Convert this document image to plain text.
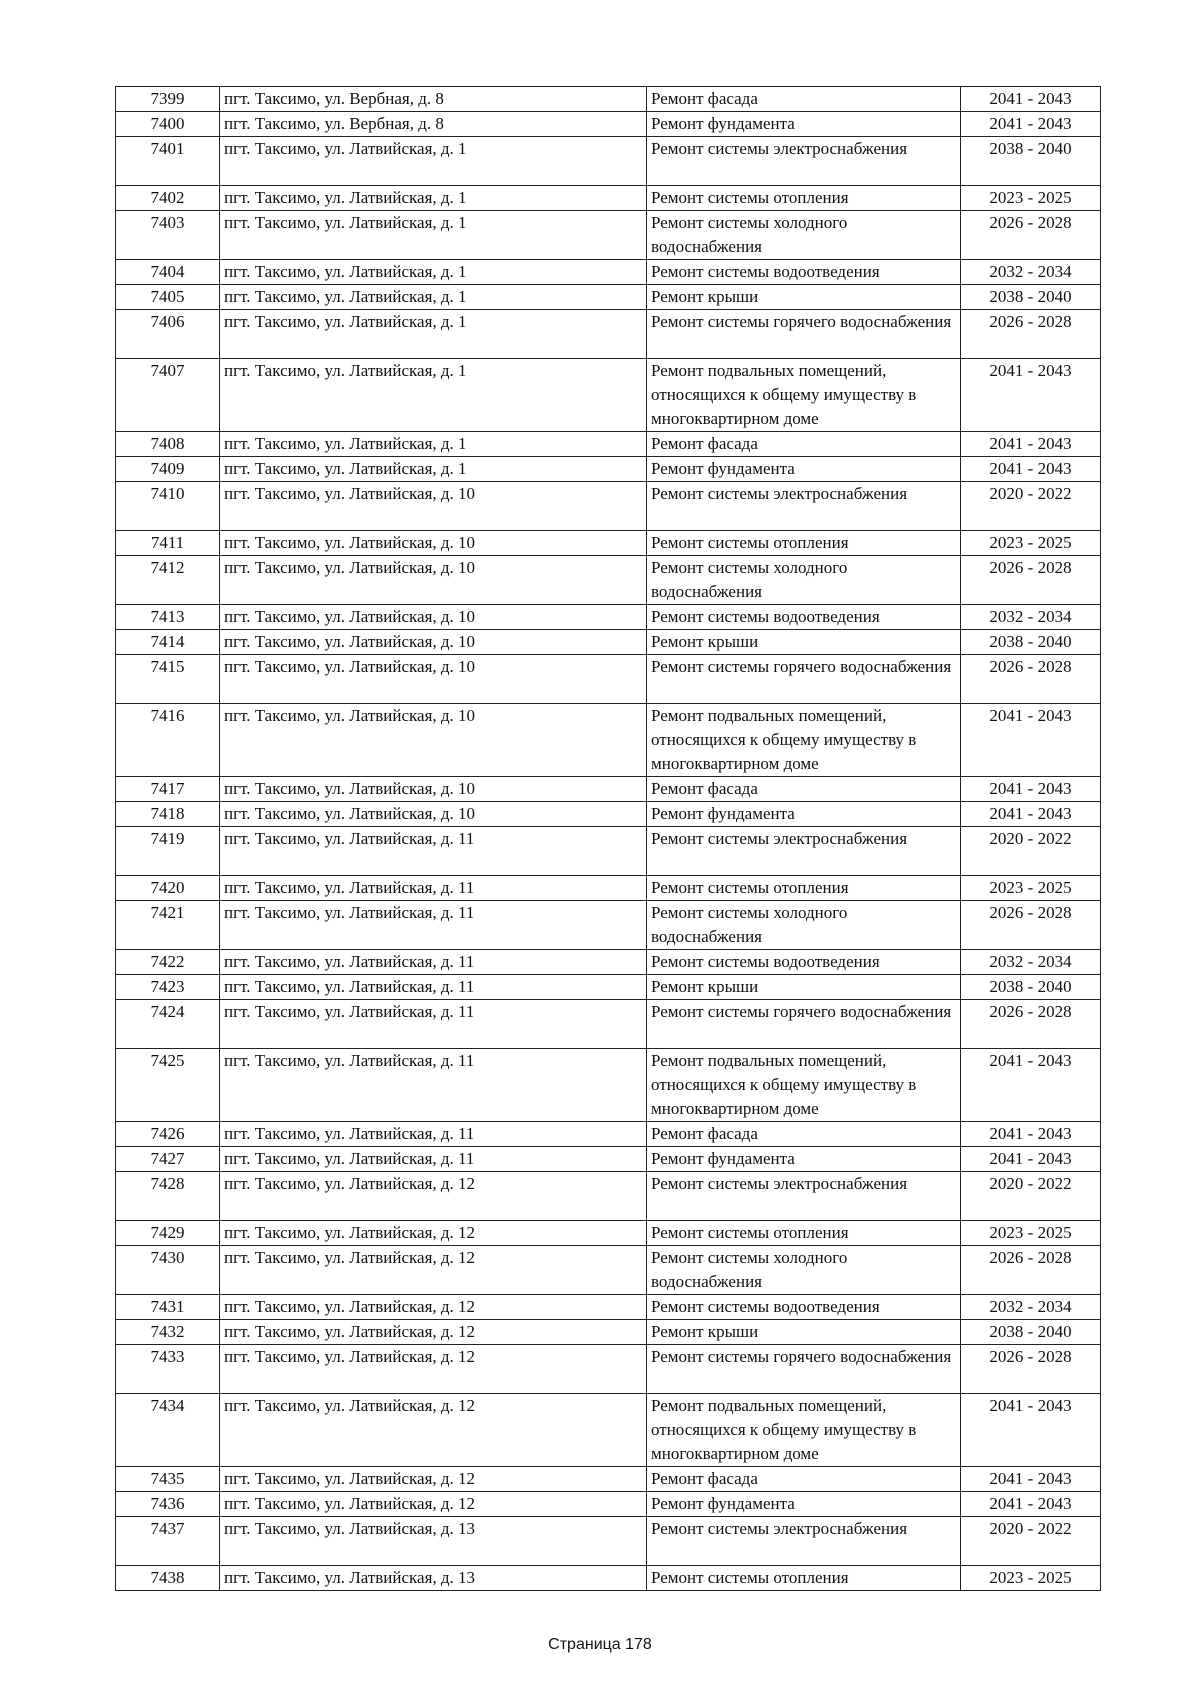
7399	пгт. Таксимо, ул. Вербная, д. 8	Ремонт фасада	2041 - 2043
7400	пгт. Таксимо, ул. Вербная, д. 8	Ремонт фундамента	2041 - 2043
7401	пгт. Таксимо, ул. Латвийская, д. 1	Ремонт системы электроснабжения	2038 - 2040
7402	пгт. Таксимо, ул. Латвийская, д. 1	Ремонт системы отопления	2023 - 2025
7403	пгт. Таксимо, ул. Латвийская, д. 1	Ремонт системы холодного водоснабжения	2026 - 2028
7404	пгт. Таксимо, ул. Латвийская, д. 1	Ремонт системы водоотведения	2032 - 2034
7405	пгт. Таксимо, ул. Латвийская, д. 1	Ремонт крыши	2038 - 2040
7406	пгт. Таксимо, ул. Латвийская, д. 1	Ремонт системы горячего водоснабжения	2026 - 2028
7407	пгт. Таксимо, ул. Латвийская, д. 1	Ремонт подвальных помещений, относящихся к общему имуществу в многоквартирном доме	2041 - 2043
7408	пгт. Таксимо, ул. Латвийская, д. 1	Ремонт фасада	2041 - 2043
7409	пгт. Таксимо, ул. Латвийская, д. 1	Ремонт фундамента	2041 - 2043
7410	пгт. Таксимо, ул. Латвийская, д. 10	Ремонт системы электроснабжения	2020 - 2022
7411	пгт. Таксимо, ул. Латвийская, д. 10	Ремонт системы отопления	2023 - 2025
7412	пгт. Таксимо, ул. Латвийская, д. 10	Ремонт системы холодного водоснабжения	2026 - 2028
7413	пгт. Таксимо, ул. Латвийская, д. 10	Ремонт системы водоотведения	2032 - 2034
7414	пгт. Таксимо, ул. Латвийская, д. 10	Ремонт крыши	2038 - 2040
7415	пгт. Таксимо, ул. Латвийская, д. 10	Ремонт системы горячего водоснабжения	2026 - 2028
7416	пгт. Таксимо, ул. Латвийская, д. 10	Ремонт подвальных помещений, относящихся к общему имуществу в многоквартирном доме	2041 - 2043
7417	пгт. Таксимо, ул. Латвийская, д. 10	Ремонт фасада	2041 - 2043
7418	пгт. Таксимо, ул. Латвийская, д. 10	Ремонт фундамента	2041 - 2043
7419	пгт. Таксимо, ул. Латвийская, д. 11	Ремонт системы электроснабжения	2020 - 2022
7420	пгт. Таксимо, ул. Латвийская, д. 11	Ремонт системы отопления	2023 - 2025
7421	пгт. Таксимо, ул. Латвийская, д. 11	Ремонт системы холодного водоснабжения	2026 - 2028
7422	пгт. Таксимо, ул. Латвийская, д. 11	Ремонт системы водоотведения	2032 - 2034
7423	пгт. Таксимо, ул. Латвийская, д. 11	Ремонт крыши	2038 - 2040
7424	пгт. Таксимо, ул. Латвийская, д. 11	Ремонт системы горячего водоснабжения	2026 - 2028
7425	пгт. Таксимо, ул. Латвийская, д. 11	Ремонт подвальных помещений, относящихся к общему имуществу в многоквартирном доме	2041 - 2043
7426	пгт. Таксимо, ул. Латвийская, д. 11	Ремонт фасада	2041 - 2043
7427	пгт. Таксимо, ул. Латвийская, д. 11	Ремонт фундамента	2041 - 2043
7428	пгт. Таксимо, ул. Латвийская, д. 12	Ремонт системы электроснабжения	2020 - 2022
7429	пгт. Таксимо, ул. Латвийская, д. 12	Ремонт системы отопления	2023 - 2025
7430	пгт. Таксимо, ул. Латвийская, д. 12	Ремонт системы холодного водоснабжения	2026 - 2028
7431	пгт. Таксимо, ул. Латвийская, д. 12	Ремонт системы водоотведения	2032 - 2034
7432	пгт. Таксимо, ул. Латвийская, д. 12	Ремонт крыши	2038 - 2040
7433	пгт. Таксимо, ул. Латвийская, д. 12	Ремонт системы горячего водоснабжения	2026 - 2028
7434	пгт. Таксимо, ул. Латвийская, д. 12	Ремонт подвальных помещений, относящихся к общему имуществу в многоквартирном доме	2041 - 2043
7435	пгт. Таксимо, ул. Латвийская, д. 12	Ремонт фасада	2041 - 2043
7436	пгт. Таксимо, ул. Латвийская, д. 12	Ремонт фундамента	2041 - 2043
7437	пгт. Таксимо, ул. Латвийская, д. 13	Ремонт системы электроснабжения	2020 - 2022
7438	пгт. Таксимо, ул. Латвийская, д. 13	Ремонт системы отопления	2023 - 2025
Страница 178
